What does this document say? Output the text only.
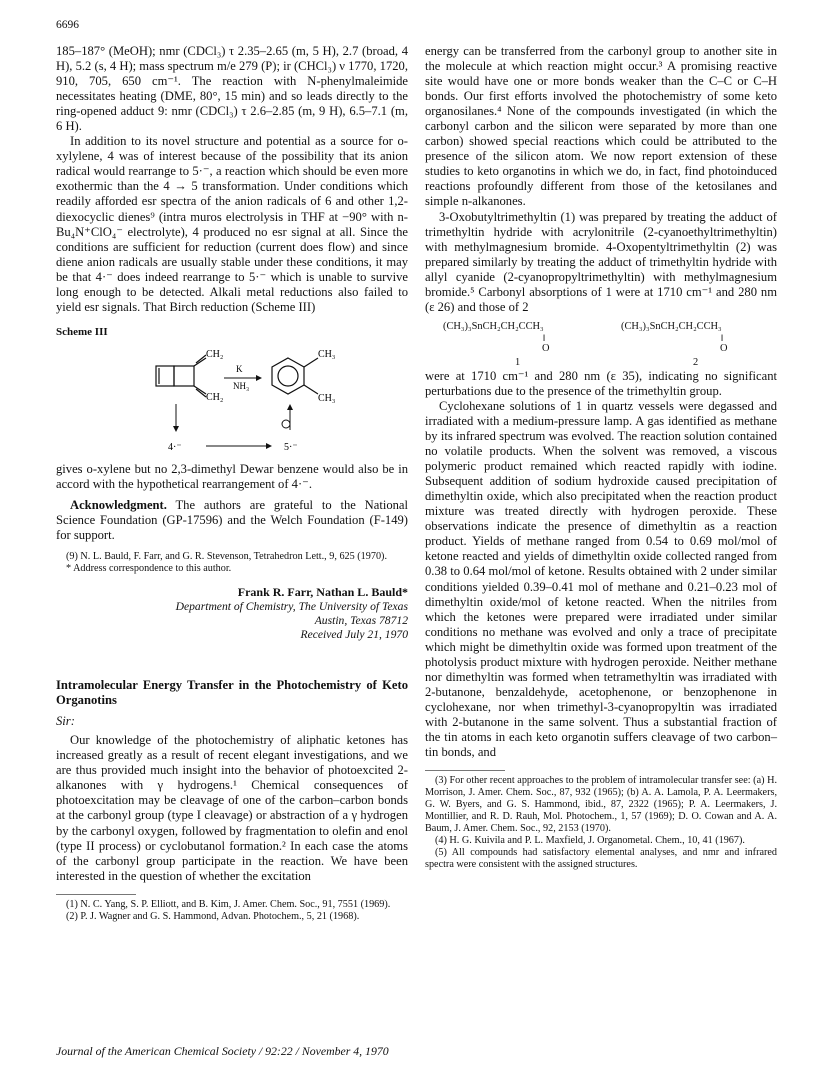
6696

185–187° (MeOH); nmr (CDCl₃) τ 2.35–2.65 (m, 5 H), 2.7 (broad, 4 H), 5.2 (s, 4 H); mass spectrum m/e 279 (P); ir (CHCl₃) ν 1770, 1720, 910, 705, 650 cm⁻¹. The reaction with N-phenylmaleimide necessitates heating (DME, 80°, 15 min) and so leads directly to the ring-opened adduct 9: nmr (CDCl₃) τ 2.6–2.85 (m, 9 H), 6.5–7.1 (m, 6 H).

In addition to its novel structure and potential as a source for o-xylylene, 4 was of interest because of the possibility that its anion radical would rearrange to 5·⁻, a reaction which should be even more exothermic than the 4 → 5 transformation. Under conditions which readily afforded esr spectra of the anion radicals of 6 and other 1,2-diexocyclic dienes⁹ (intra muros electrolysis in THF at −90° with n-Bu₄N⁺ClO₄⁻ electrolyte), 4 produced no esr signal at all. Since the conditions are sufficient for reduction (current does flow) and since diene anion radicals are usually stable under these conditions, it may be that 4·⁻ does indeed rearrange to 5·⁻ which is unable to survive long enough to be detected. Alkali metal reductions also failed to yield esr signals. That Birch reduction (Scheme III)

Scheme III
CH₂
CH₂
K
NH₃
CH₃
CH₃
4·⁻	5·⁻

gives o-xylene but no 2,3-dimethyl Dewar benzene would also be in accord with the hypothetical rearrangement of 4·⁻.

Acknowledgment. The authors are grateful to the National Science Foundation (GP-17596) and the Welch Foundation (F-149) for support.

(9) N. L. Bauld, F. Farr, and G. R. Stevenson, Tetrahedron Lett., 9, 625 (1970).

* Address correspondence to this author.

Frank R. Farr, Nathan L. Bauld*
Department of Chemistry, The University of Texas
Austin, Texas 78712
Received July 21, 1970
Intramolecular Energy Transfer in the Photochemistry of Keto Organotins
Sir:

Our knowledge of the photochemistry of aliphatic ketones has increased greatly as a result of recent elegant investigations, and we are thus provided much insight into the behavior of photoexcited 2-alkanones with γ hydrogens.¹ Chemical consequences of photoexcitation may be cleavage of one of the carbon–carbon bonds at the carbonyl group (type I cleavage) or abstraction of a γ hydrogen by the carbonyl oxygen, followed by fragmentation to olefin and enol (type II process) or cyclobutanol formation.² In each case the atoms of the carbonyl group participate in the reaction. We have been interested in the question of whether the excitation

(1) N. C. Yang, S. P. Elliott, and B. Kim, J. Amer. Chem. Soc., 91, 7551 (1969).

(2) P. J. Wagner and G. S. Hammond, Advan. Photochem., 5, 21 (1968).

energy can be transferred from the carbonyl group to another site in the molecule at which reaction might occur.³ A promising reactive site would have one or more bonds weaker than the C–C or C–H bonds. Our first efforts involved the photochemistry of some keto organosilanes.⁴ None of the compounds investigated (in which the carbonyl carbon and the silicon were separated by more than one carbon) showed special reactions which could be attributed to the presence of the silicon atom. We now report extension of these studies to keto organotins in which we do, in fact, find photoinduced reactions profoundly different from those of the ketosilanes and simple n-alkanones.

3-Oxobutyltrimethyltin (1) was prepared by treating the adduct of trimethyltin hydride with acrylonitrile (2-cyanoethyltrimethyltin) with methylmagnesium bromide. 4-Oxopentyltrimethyltin (2) was prepared similarly by treating the adduct of trimethyltin hydride with allyl cyanide (2-cyanopropyltrimethyltin) with methylmagnesium bromide.⁵ Carbonyl absorptions of 1 were at 1710 cm⁻¹ and 280 nm (ε 26) and those of 2

(CH₃)₃SnCH₂CH₂CCH₃	(CH₃)₃SnCH₂CH₂CCH₃
‖	‖
O	O
1	2

were at 1710 cm⁻¹ and 280 nm (ε 35), indicating no significant perturbations due to the presence of the trimethyltin group.

Cyclohexane solutions of 1 in quartz vessels were degassed and irradiated with a medium-pressure lamp. A gas identified as methane by its infrared spectrum was evolved. The reaction solution contained no volatile products. When the solvent was removed, a viscous polymeric product remained which reacted rapidly with iodine. Subsequent addition of sodium hydroxide caused precipitation of dimethyltin oxide, which also precipitated when the reaction product mixture was treated directly with hydrogen peroxide. These observations indicate the presence of dimethyltin as a reaction product. Yields of methane ranged from 0.54 to 0.69 mol/mol of ketone reacted and yields of dimethyltin oxide collected ranged from 0.38 to 0.64 mol/mol of ketone. Results obtained with 2 under similar conditions yielded 0.39–0.41 mol of methane and 0.21–0.23 mol of dimethyltin oxide/mol of ketone reacted. When the nitriles from which the ketones were prepared were irradiated under similar conditions no methane was evolved and only a trace of precipitate which might be dimethyltin oxide was formed upon treatment of the photolysis product mixture with hydrogen peroxide. Neither methane nor dimethyltin was formed when tetramethyltin was irradiated with 2-butanone, benzaldehyde, acetophenone, or benzophenone in cyclohexane, nor when trimethyl-3-cyanopropyltin was irradiated with 2-butanone in the same solvent. Thus a substantial fraction of the tin atoms in each keto organotin suffers cleavage of two carbon–tin bonds, and

(3) For other recent approaches to the problem of intramolecular transfer see: (a) H. Morrison, J. Amer. Chem. Soc., 87, 932 (1965); (b) A. A. Lamola, P. A. Leermakers, G. W. Byers, and G. S. Hammond, ibid., 87, 2322 (1965); P. A. Leermakers, J. Montillier, and R. D. Rauh, Mol. Photochem., 1, 57 (1969); D. O. Cowan and A. A. Baum, J. Amer. Chem. Soc., 92, 2153 (1970).

(4) H. G. Kuivila and P. L. Maxfield, J. Organometal. Chem., 10, 41 (1967).

(5) All compounds had satisfactory elemental analyses, and nmr and infrared spectra were consistent with the assigned structures.

Journal of the American Chemical Society / 92:22 / November 4, 1970
